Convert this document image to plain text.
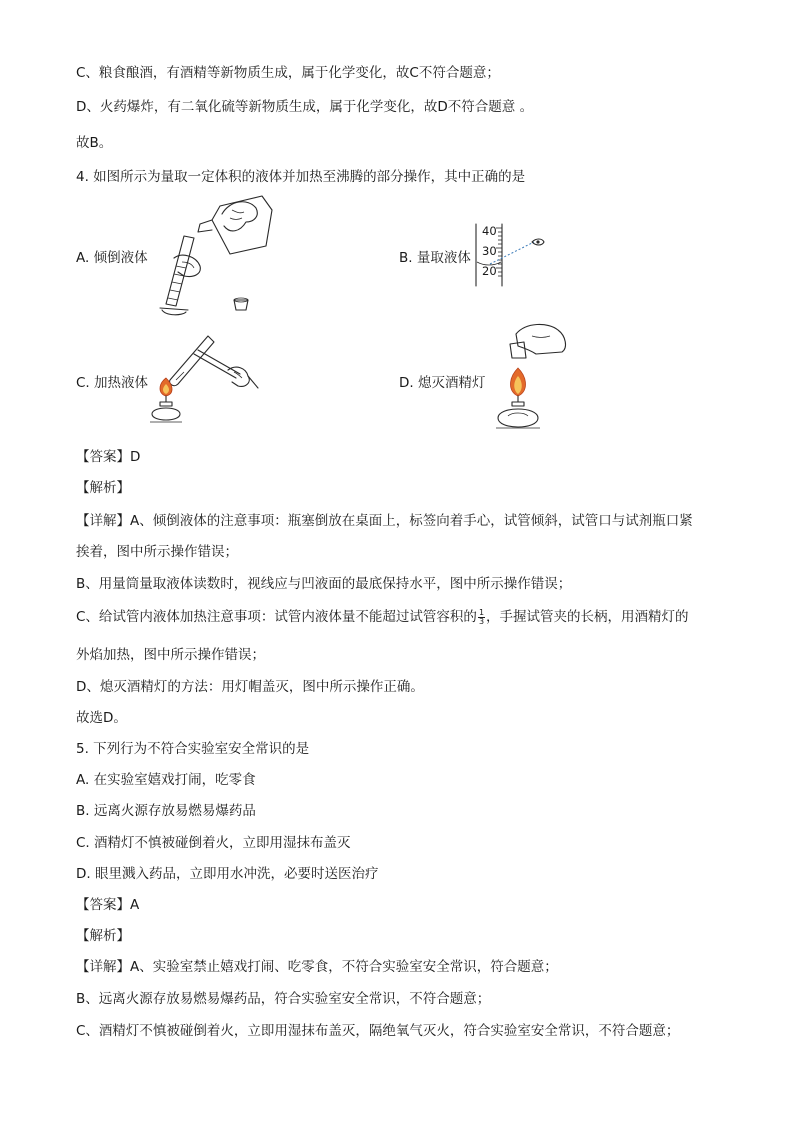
C、粮食酿酒，有酒精等新物质生成，属于化学变化，故C不符合题意；
D、火药爆炸，有二氧化硫等新物质生成，属于化学变化，故D不符合题意 。
故B。
4. 如图所示为量取一定体积的液体并加热至沸腾的部分操作，其中正确的是
A. 倾倒液体	B. 量取液体
C. 加热液体	D. 熄灭酒精灯
40
30
20
【答案】D
【解析】
【详解】A、倾倒液体的注意事项：瓶塞倒放在桌面上，标签向着手心，试管倾斜，试管口与试剂瓶口紧
挨着，图中所示操作错误；
B、用量筒量取液体读数时，视线应与凹液面的最底保持水平，图中所示操作错误；
C、给试管内液体加热注意事项：试管内液体量不能超过试管容积的 $\frac{1}{3}$ ，手握试管夹的长柄，用酒精灯的
外焰加热，图中所示操作错误；
D、熄灭酒精灯的方法：用灯帽盖灭，图中所示操作正确。
故选D。
5. 下列行为不符合实验室安全常识的是
A. 在实验室嬉戏打闹，吃零食
B. 远离火源存放易燃易爆药品
C. 酒精灯不慎被碰倒着火，立即用湿抹布盖灭
D. 眼里溅入药品，立即用水冲洗，必要时送医治疗
【答案】A
【解析】
【详解】A、实验室禁止嬉戏打闹、吃零食，不符合实验室安全常识，符合题意；
B、远离火源存放易燃易爆药品，符合实验室安全常识，不符合题意；
C、酒精灯不慎被碰倒着火，立即用湿抹布盖灭，隔绝氧气灭火，符合实验室安全常识，不符合题意；
